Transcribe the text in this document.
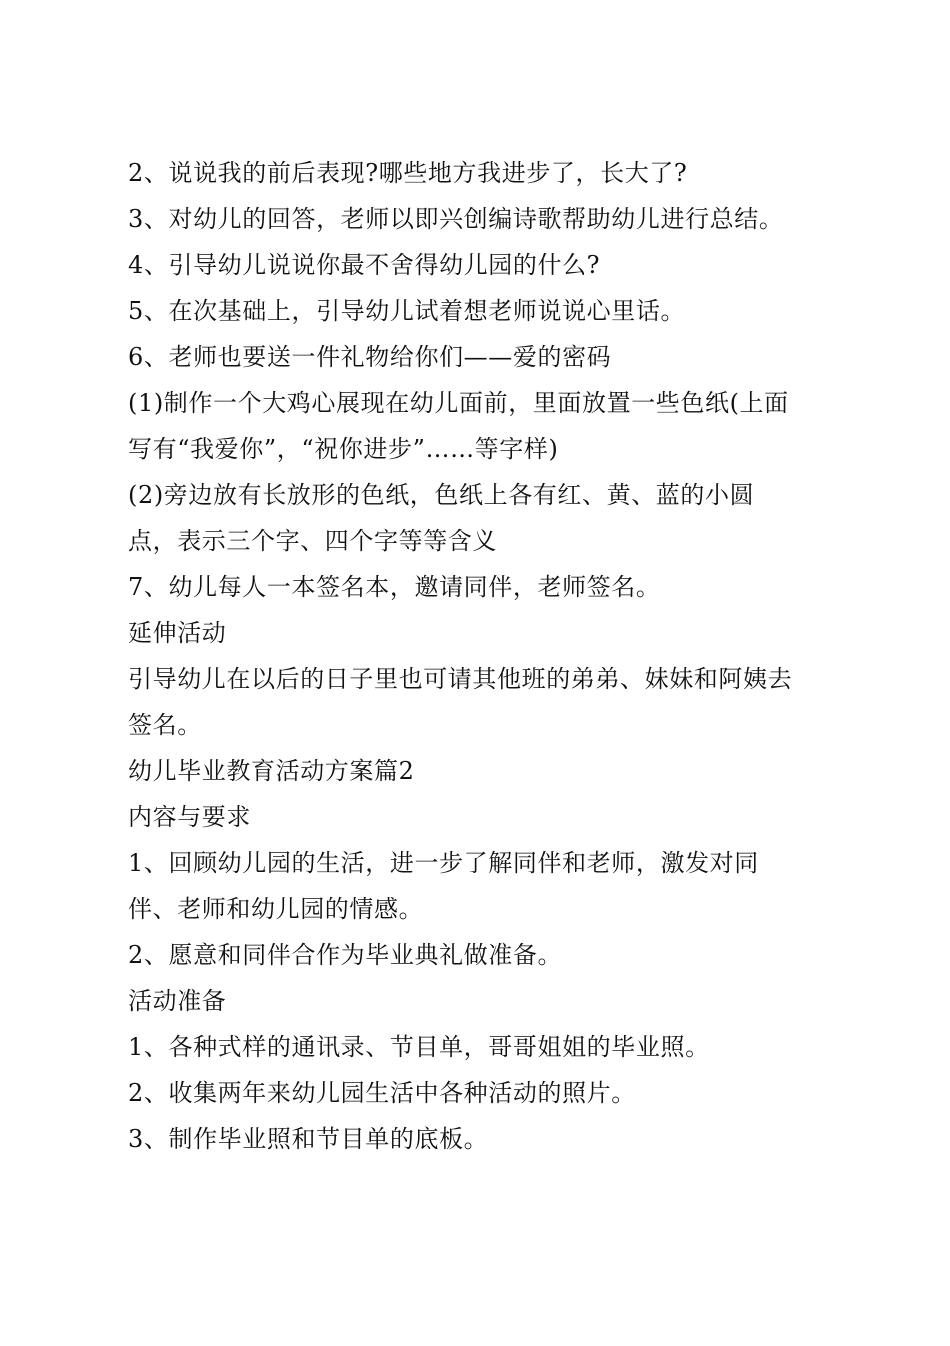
2、说说我的前后表现?哪些地方我进步了，长大了?
3、对幼儿的回答，老师以即兴创编诗歌帮助幼儿进行总结。
4、引导幼儿说说你最不舍得幼儿园的什么?
5、在次基础上，引导幼儿试着想老师说说心里话。
6、老师也要送一件礼物给你们——爱的密码
(1)制作一个大鸡心展现在幼儿面前，里面放置一些色纸(上面
写有“我爱你”，“祝你进步”……等字样)
(2)旁边放有长放形的色纸，色纸上各有红、黄、蓝的小圆
点，表示三个字、四个字等等含义
7、幼儿每人一本签名本，邀请同伴，老师签名。
延伸活动
引导幼儿在以后的日子里也可请其他班的弟弟、妹妹和阿姨去
签名。
幼儿毕业教育活动方案篇2
内容与要求
1、回顾幼儿园的生活，进一步了解同伴和老师，激发对同
伴、老师和幼儿园的情感。
2、愿意和同伴合作为毕业典礼做准备。
活动准备
1、各种式样的通讯录、节目单，哥哥姐姐的毕业照。
2、收集两年来幼儿园生活中各种活动的照片。
3、制作毕业照和节目单的底板。
